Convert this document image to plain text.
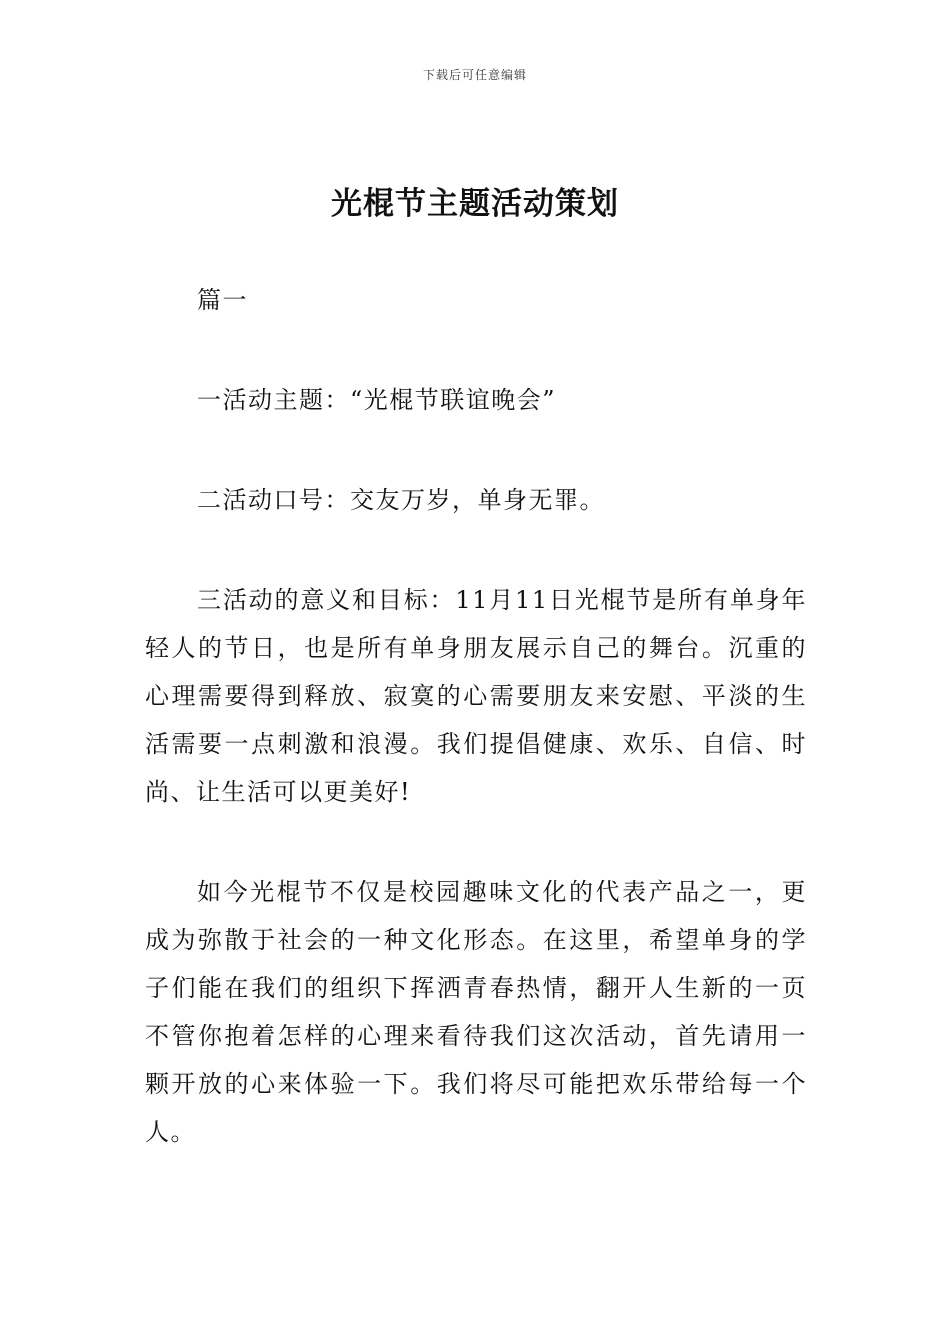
下载后可任意编辑
光棍节主题活动策划

篇一

一活动主题：“光棍节联谊晚会”

二活动口号：交友万岁，单身无罪。

三活动的意义和目标：11月11日光棍节是所有单身年轻人的节日，也是所有单身朋友展示自己的舞台。沉重的心理需要得到释放、寂寞的心需要朋友来安慰、平淡的生活需要一点刺激和浪漫。我们提倡健康、欢乐、自信、时尚、让生活可以更美好!

如今光棍节不仅是校园趣味文化的代表产品之一，更成为弥散于社会的一种文化形态。在这里，希望单身的学子们能在我们的组织下挥洒青春热情，翻开人生新的一页不管你抱着怎样的心理来看待我们这次活动，首先请用一颗开放的心来体验一下。我们将尽可能把欢乐带给每一个人。
